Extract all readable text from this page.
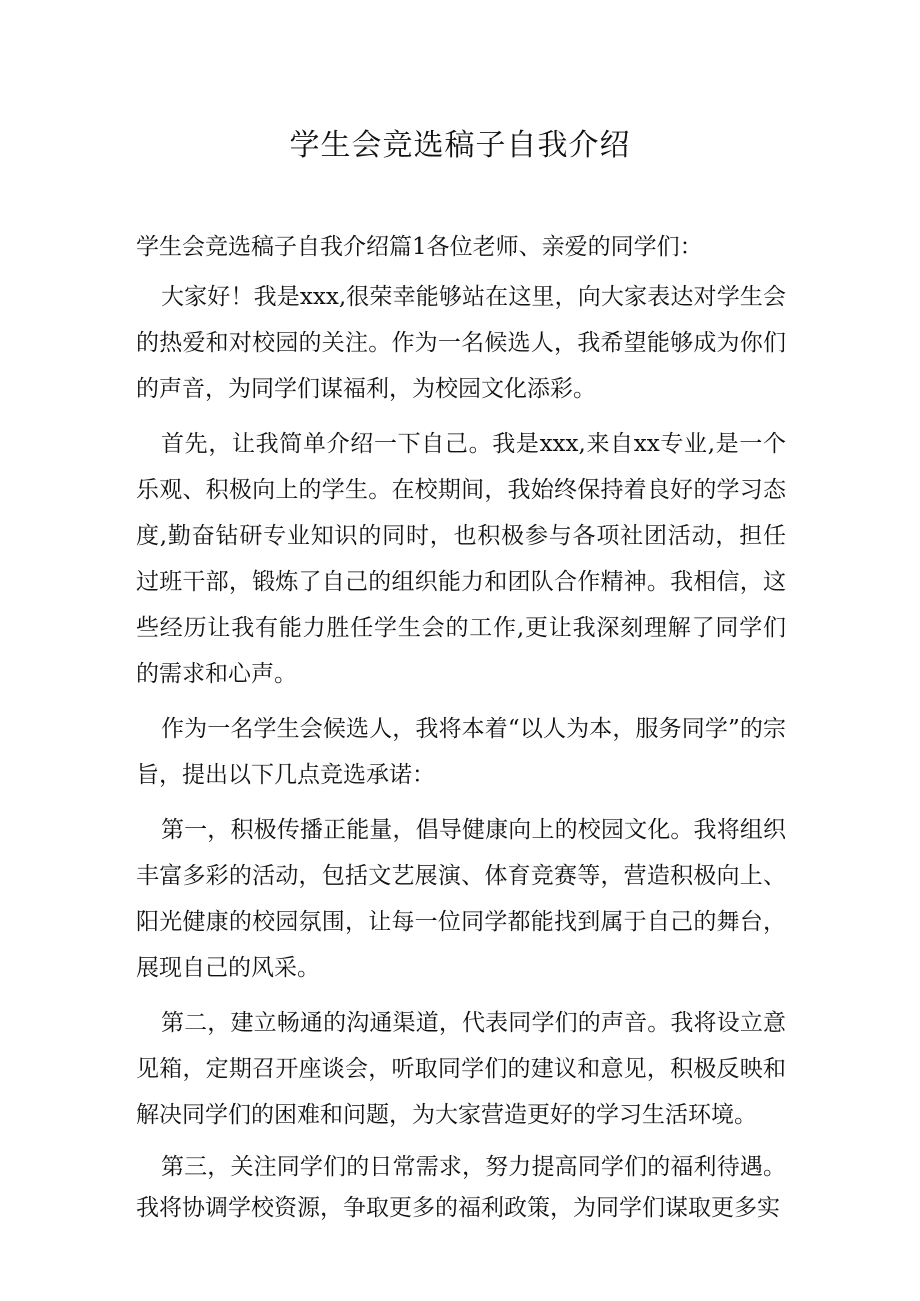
学生会竞选稿子自我介绍

学生会竞选稿子自我介绍篇1各位老师、亲爱的同学们：

大家好！我是xxx,很荣幸能够站在这里，向大家表达对学生会的热爱和对校园的关注。作为一名候选人，我希望能够成为你们的声音，为同学们谋福利，为校园文化添彩。

首先，让我简单介绍一下自己。我是xxx,来自xx专业,是一个乐观、积极向上的学生。在校期间，我始终保持着良好的学习态度,勤奋钻研专业知识的同时，也积极参与各项社团活动，担任过班干部，锻炼了自己的组织能力和团队合作精神。我相信，这些经历让我有能力胜任学生会的工作,更让我深刻理解了同学们的需求和心声。

作为一名学生会候选人，我将本着“以人为本，服务同学”的宗旨，提出以下几点竞选承诺：

第一，积极传播正能量，倡导健康向上的校园文化。我将组织丰富多彩的活动，包括文艺展演、体育竞赛等，营造积极向上、阳光健康的校园氛围，让每一位同学都能找到属于自己的舞台，展现自己的风采。

第二，建立畅通的沟通渠道，代表同学们的声音。我将设立意见箱，定期召开座谈会，听取同学们的建议和意见，积极反映和解决同学们的困难和问题，为大家营造更好的学习生活环境。

第三，关注同学们的日常需求，努力提高同学们的福利待遇。我将协调学校资源，争取更多的福利政策，为同学们谋取更多实
